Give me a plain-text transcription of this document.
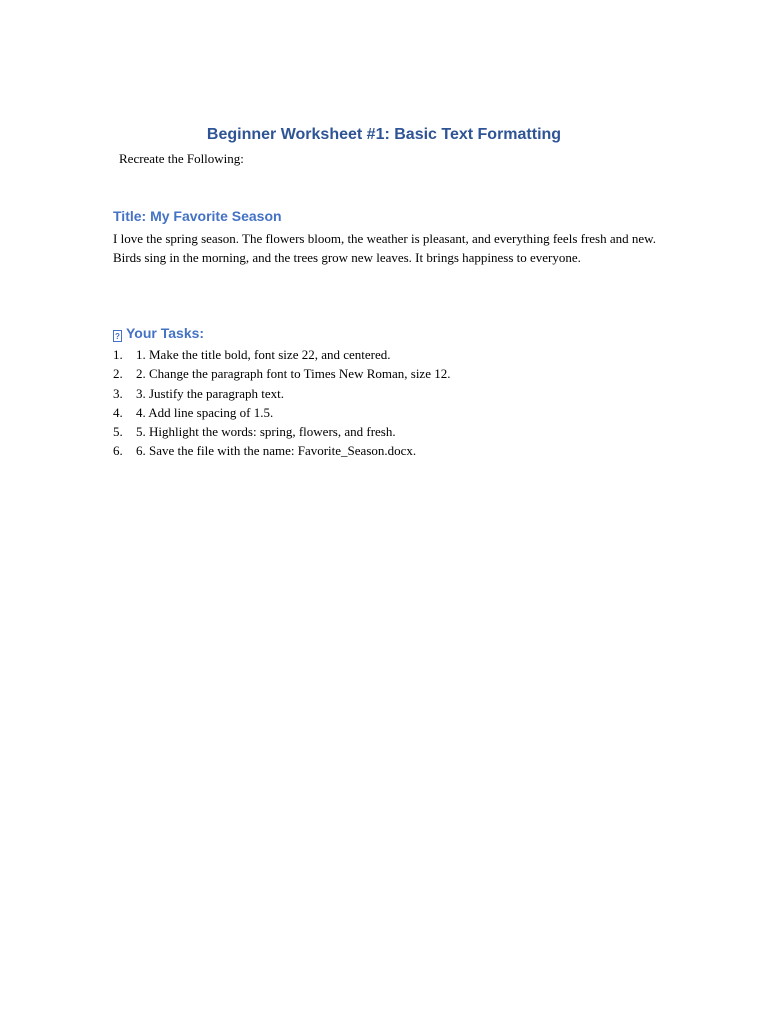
Beginner Worksheet #1: Basic Text Formatting
Recreate the Following:
Title: My Favorite Season

I love the spring season. The flowers bloom, the weather is pleasant, and everything feels fresh and new. Birds sing in the morning, and the trees grow new leaves. It brings happiness to everyone.

? Your Tasks:
1. 1. Make the title bold, font size 22, and centered.
2. 2. Change the paragraph font to Times New Roman, size 12.
3. 3. Justify the paragraph text.
4. 4. Add line spacing of 1.5.
5. 5. Highlight the words: spring, flowers, and fresh.
6. 6. Save the file with the name: Favorite_Season.docx.
